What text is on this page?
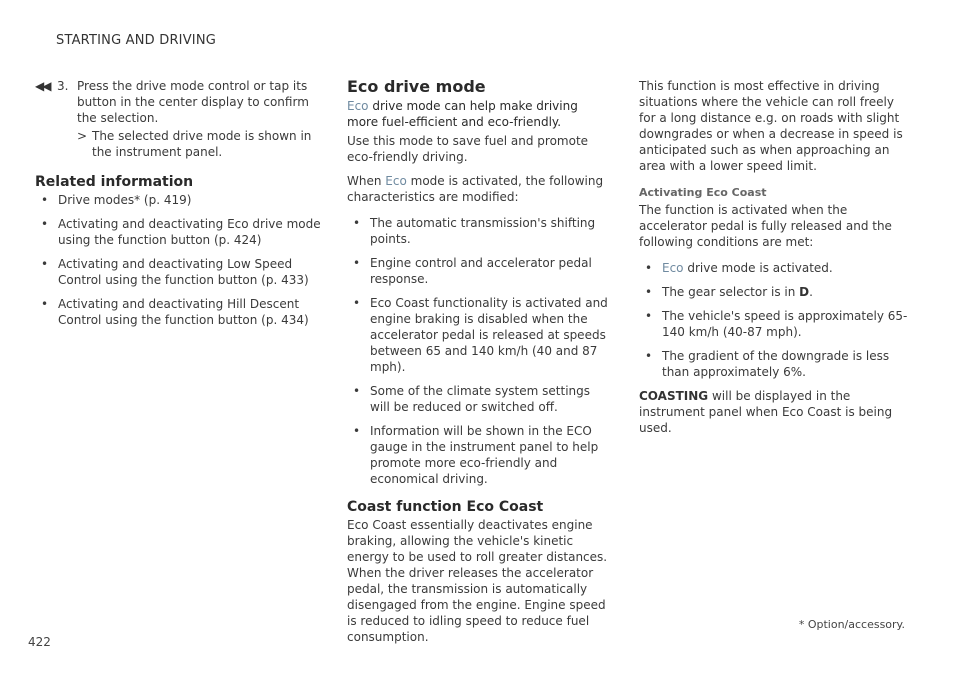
STARTING AND DRIVING
◀◀ 3. Press the drive mode control or tap its button in the center display to confirm the selection.

> The selected drive mode is shown in the instrument panel.

Related information
• Drive modes* (p. 419)
• Activating and deactivating Eco drive mode using the function button (p. 424)
• Activating and deactivating Low Speed Control using the function button (p. 433)
• Activating and deactivating Hill Descent Control using the function button (p. 434)
Eco drive mode

Eco drive mode can help make driving more fuel-efficient and eco-friendly.

Use this mode to save fuel and promote eco-friendly driving.

When Eco mode is activated, the following characteristics are modified:

• The automatic transmission's shifting points.
• Engine control and accelerator pedal response.
• Eco Coast functionality is activated and engine braking is disabled when the accelerator pedal is released at speeds between 65 and 140 km/h (40 and 87 mph).
• Some of the climate system settings will be reduced or switched off.
• Information will be shown in the ECO gauge in the instrument panel to help promote more eco-friendly and economical driving.
Coast function Eco Coast

Eco Coast essentially deactivates engine braking, allowing the vehicle's kinetic energy to be used to roll greater distances. When the driver releases the accelerator pedal, the transmission is automatically disengaged from the engine. Engine speed is reduced to idling speed to reduce fuel consumption.

This function is most effective in driving situations where the vehicle can roll freely for a long distance e.g. on roads with slight downgrades or when a decrease in speed is anticipated such as when approaching an area with a lower speed limit.

Activating Eco Coast

The function is activated when the accelerator pedal is fully released and the following conditions are met:

• Eco drive mode is activated.
• The gear selector is in D.
• The vehicle's speed is approximately 65-140 km/h (40-87 mph).
• The gradient of the downgrade is less than approximately 6%.

COASTING will be displayed in the instrument panel when Eco Coast is being used.

* Option/accessory.
422
